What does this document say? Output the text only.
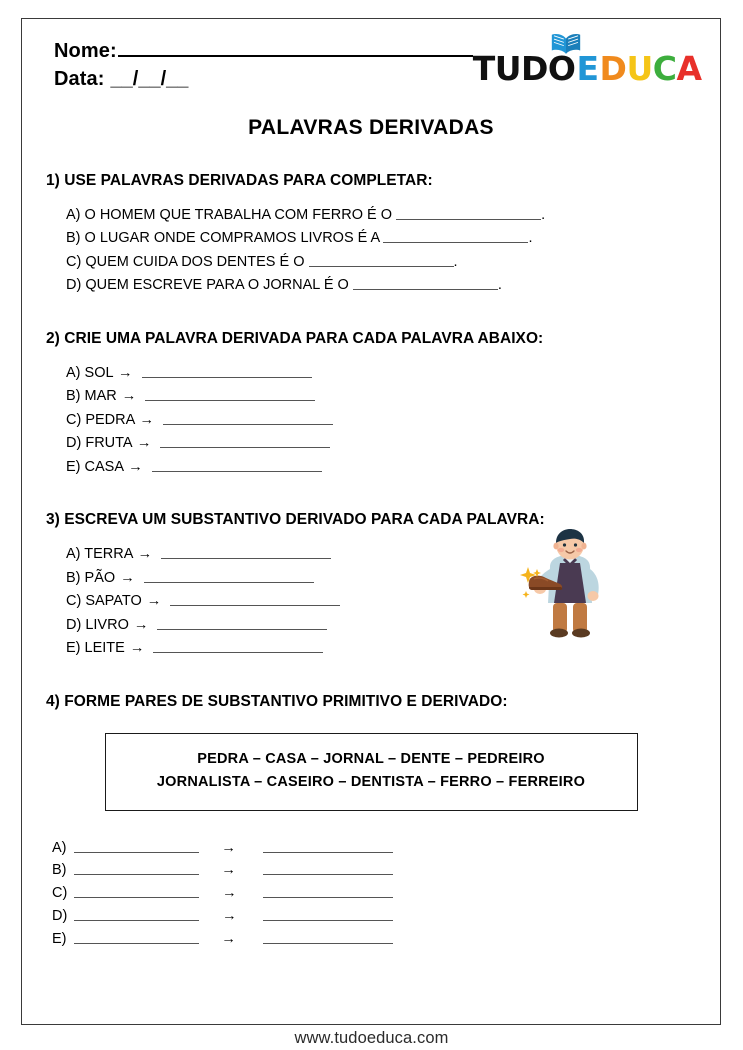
Nome:
Data: __/__/__	TUDO E D U C A
PALAVRAS DERIVADAS
1) USE PALAVRAS DERIVADAS PARA COMPLETAR:
A) O HOMEM QUE TRABALHA COM FERRO É O	.
B) O LUGAR ONDE COMPRAMOS LIVROS É A	.
C) QUEM CUIDA DOS DENTES É O	.
D) QUEM ESCREVE PARA O JORNAL É O	.
2) CRIE UMA PALAVRA DERIVADA PARA CADA PALAVRA ABAIXO:
A) SOL →
B) MAR →
C) PEDRA →
D) FRUTA →
E) CASA →
3) ESCREVA UM SUBSTANTIVO DERIVADO PARA CADA PALAVRA:
A) TERRA →
B) PÃO →
C) SAPATO →
D) LIVRO →
E) LEITE →
4) FORME PARES DE SUBSTANTIVO PRIMITIVO E DERIVADO:
PEDRA – CASA – JORNAL – DENTE – PEDREIRO
JORNALISTA – CASEIRO – DENTISTA – FERRO – FERREIRO
A)	→
B)	→
C)	→
D)	→
E)	→
www.tudoeduca.com
